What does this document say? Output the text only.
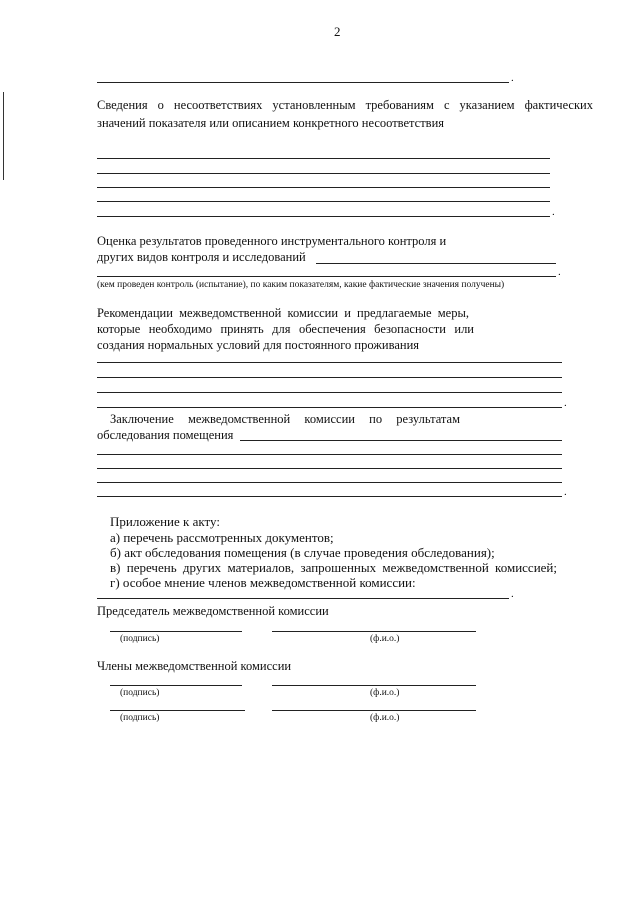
2
.
Сведения о несоответствиях установленным требованиям с указанием фактических
значений показателя или описанием конкретного несоответствия
.
Оценка результатов проведенного инструментального контроля и
других видов контроля и исследований
.
(кем проведен контроль (испытание), по каким показателям, какие фактические значения получены)
Рекомендации межведомственной комиссии и предлагаемые меры,
которые необходимо принять для обеспечения безопасности или
создания нормальных условий для постоянного проживания
.
Заключение межведомственной комиссии по результатам
обследования помещения
.
Приложение к акту:
а) перечень рассмотренных документов;
б) акт обследования помещения (в случае проведения обследования);
в) перечень других материалов, запрошенных межведомственной комиссией;
г) особое мнение членов межведомственной комиссии:
.
Председатель межведомственной комиссии
(подпись)	(ф.и.о.)
Члены межведомственной комиссии
(подпись)	(ф.и.о.)
(подпись)	(ф.и.о.)
